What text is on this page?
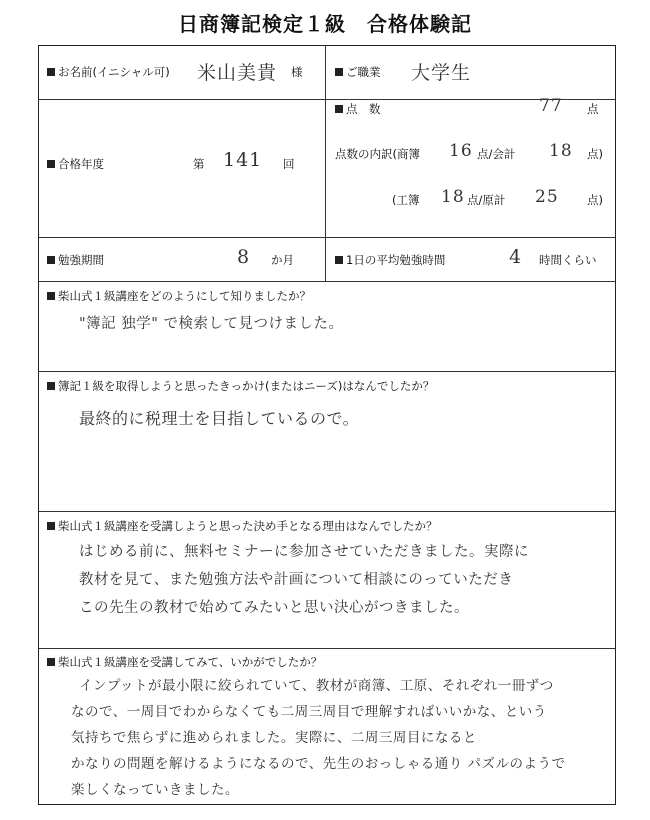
日商簿記検定１級　合格体験記
お名前(イニシャル可) 米山美貴 様	ご職業 大学生
点　数	77 点
点数の内訳(商簿 16 点/会計 18 点)
(工簿 18 点/原計 25 点)
合格年度	第 141 回
勉強期間	8 か月	1日の平均勉強時間	4 時間くらい
柴山式１級講座をどのようにして知りましたか？
"簿記 独学" で検索して見つけました。
簿記１級を取得しようと思ったきっかけ(またはニーズ)はなんでしたか？
最終的に税理士を目指しているので。
柴山式１級講座を受講しようと思った決め手となる理由はなんでしたか？
はじめる前に、無料セミナーに参加させていただきました。実際に
教材を見て、また勉強方法や計画について相談にのっていただき
この先生の教材で始めてみたいと思い決心がつきました。
柴山式１級講座を受講してみて、いかがでしたか？
インプットが最小限に絞られていて、教材が商簿、工原、それぞれ一冊ずつ
なので、一周目でわからなくても二周三周目で理解すればいいかな、という
気持ちで焦らずに進められました。実際に、二周三周目になると
かなりの問題を解けるようになるので、先生のおっしゃる通り パズルのようで
楽しくなっていきました。
